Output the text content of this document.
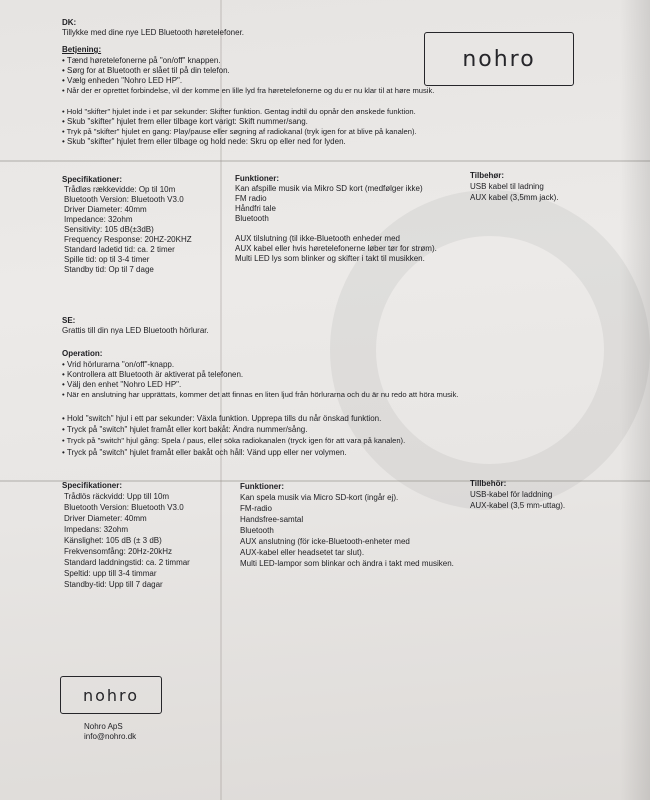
nohro
DK:
Tillykke med dine nye LED Bluetooth høretelefoner.
Betjening:
• Tænd høretelefonerne på "on/off" knappen.
• Sørg for at Bluetooth er slået til på din telefon.
• Vælg enheden "Nohro LED HP".
• Når der er oprettet forbindelse, vil der komme en lille lyd fra høretelefonerne og du er nu klar til at høre musik.
• Hold "skifter" hjulet inde i et par sekunder: Skifter funktion. Gentag indtil du opnår den ønskede funktion.
• Skub "skifter" hjulet frem eller tilbage kort varigt: Skift nummer/sang.
• Tryk på "skifter" hjulet en gang: Play/pause eller søgning af radiokanal (tryk igen for at blive på kanalen).
• Skub "skifter" hjulet frem eller tilbage og hold nede: Skru op eller ned for lyden.
Specifikationer:
Trådløs rækkevidde: Op til 10m
Bluetooth Version: Bluetooth V3.0
Driver Diameter: 40mm
Impedance: 32ohm
Sensitivity: 105 dB(±3dB)
Frequency Response: 20HZ-20KHZ
Standard ladetid tid: ca. 2 timer
Spille tid: op til 3-4 timer
Standby tid: Op til 7 dage
Funktioner:
Kan afspille musik via Mikro SD kort (medfølger ikke)
FM radio
Håndfri tale
Bluetooth
AUX tilslutning (til ikke-Bluetooth enheder med
AUX kabel eller hvis høretelefonerne løber tør for strøm).
Multi LED lys som blinker og skifter i takt til musikken.
Tilbehør:
USB kabel til ladning
AUX kabel (3,5mm jack).
SE:
Grattis till din nya LED Bluetooth hörlurar.
Operation:
• Vrid hörlurarna "on/off"-knapp.
• Kontrollera att Bluetooth är aktiverat på telefonen.
• Välj den enhet "Nohro LED HP".
• När en anslutning har upprättats, kommer det att finnas en liten ljud från hörlurarna och du är nu redo att höra musik.
• Hold "switch" hjul i ett par sekunder: Växla funktion. Upprepa tills du når önskad funktion.
• Tryck på "switch" hjulet framåt eller kort bakåt: Ändra nummer/sång.
• Tryck på "switch" hjul gång: Spela / paus, eller söka radiokanalen (tryck igen för att vara på kanalen).
• Tryck på "switch" hjulet framåt eller bakåt och håll: Vänd upp eller ner volymen.
Specifikationer:
Trådlös räckvidd: Upp till 10m
Bluetooth Version: Bluetooth V3.0
Driver Diameter: 40mm
Impedans: 32ohm
Känslighet: 105 dB (± 3 dB)
Frekvensomfång: 20Hz-20kHz
Standard laddningstid: ca. 2 timmar
Speltid: upp till 3-4 timmar
Standby-tid: Upp till 7 dagar
Funktioner:
Kan spela musik via Micro SD-kort (ingår ej).
FM-radio
Handsfree-samtal
Bluetooth
AUX anslutning (för icke-Bluetooth-enheter med
AUX-kabel eller headsetet tar slut).
Multi LED-lampor som blinkar och ändra i takt med musiken.
Tillbehör:
USB-kabel för laddning
AUX-kabel (3,5 mm-uttag).
nohro
Nohro ApS
info@nohro.dk
